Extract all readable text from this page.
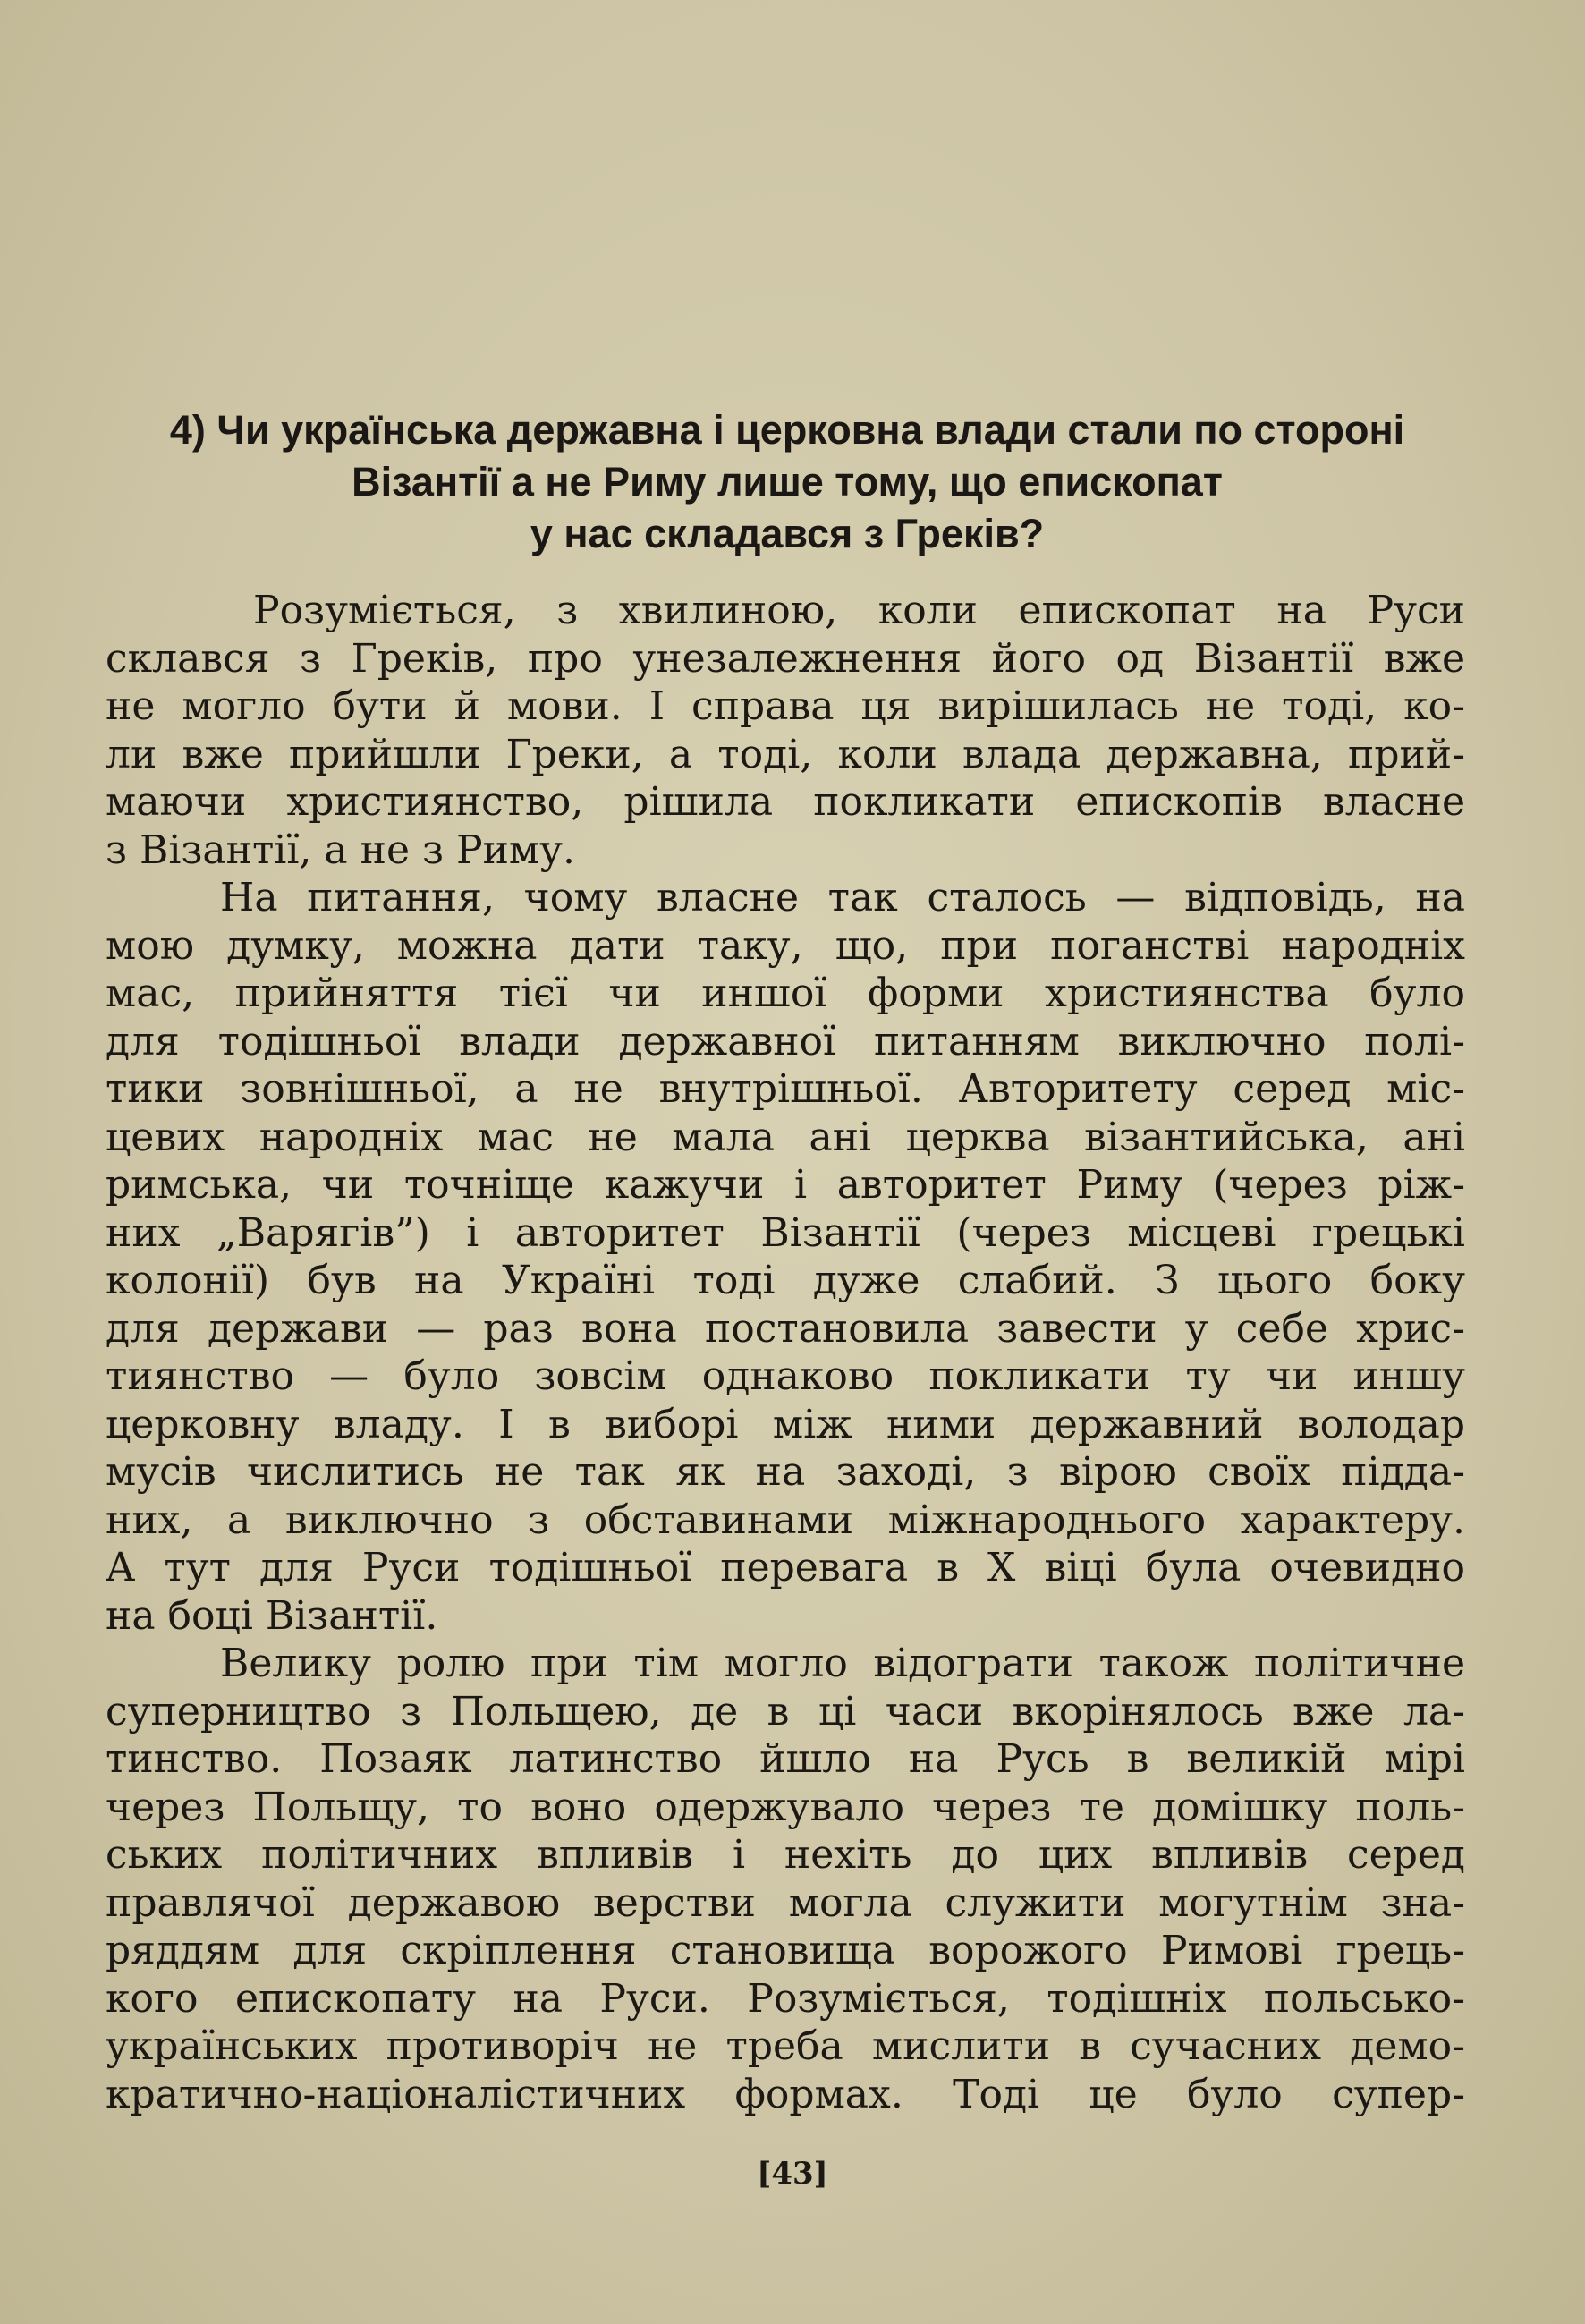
4) Чи українська державна і церковна влади стали по стороні
Візантії а не Риму лише тому, що епископат
у нас складався з Греків?

Розуміється, з хвилиною, коли епископат на Руси
склався з Греків, про унезалежнення його од Візантії вже
не могло бути й мови. І справа ця вирішилась не тоді, ко-
ли вже прийшли Греки, а тоді, коли влада державна, прий-
маючи християнство, рішила покликати епископів власне
з Візантії, а не з Риму.

На питання, чому власне так сталось — відповідь, на
мою думку, можна дати таку, що, при поганстві народніх
мас, прийняття тієї чи иншої форми християнства було
для тодішньої влади державної питанням виключно полі-
тики зовнішньої, а не внутрішньої. Авторитету серед міс-
цевих народніх мас не мала ані церква візантийська, ані
римська, чи точніще кажучи і авторитет Риму (через ріж-
них „Варягів”) і авторитет Візантії (через місцеві грецькі
колонії) був на Україні тоді дуже слабий. З цього боку
для держави — раз вона постановила завести у себе хрис-
тиянство — було зовсім однаково покликати ту чи иншу
церковну владу. І в виборі між ними державний володар
мусів числитись не так як на заході, з вірою своїх підда-
них, а виключно з обставинами міжнароднього характеру.
А тут для Руси тодішньої перевага в Х віці була очевидно
на боці Візантії.

Велику ролю при тім могло відограти також політичне
суперництво з Польщею, де в ці часи вкорінялось вже ла-
тинство. Позаяк латинство йшло на Русь в великій мірі
через Польщу, то воно одержувало через те домішку поль-
ських політичних впливів і нехіть до цих впливів серед
правлячої державою верстви могла служити могутнім зна-
ряддям для скріплення становища ворожого Римові грець-
кого епископату на Руси. Розуміється, тодішніх польсько-
українських противоріч не треба мислити в сучасних демо-
кратично-націоналістичних формах. Тоді це було супер-

[43]
